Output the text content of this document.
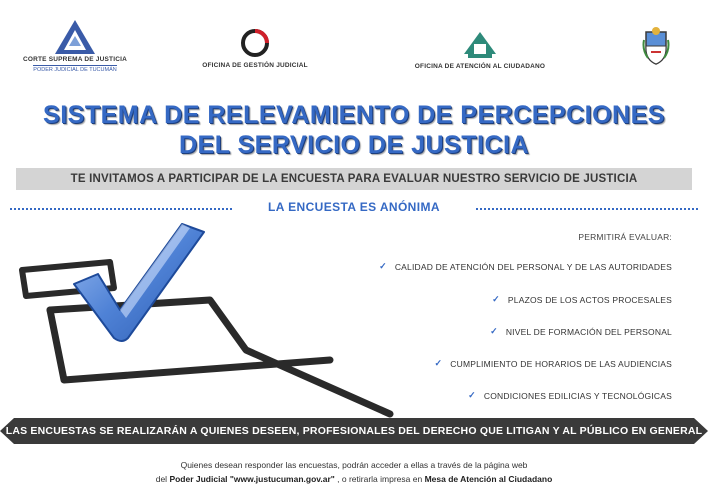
CORTE SUPREMA DE JUSTICIA
PODER JUDICIAL DE TUCUMÁN
OFICINA DE GESTIÓN JUDICIAL	OFICINA DE ATENCIÓN AL CIUDADANO
SISTEMA DE RELEVAMIENTO DE PERCEPCIONES
DEL SERVICIO DE JUSTICIA
TE INVITAMOS A PARTICIPAR DE LA ENCUESTA PARA EVALUAR NUESTRO SERVICIO DE JUSTICIA
LA ENCUESTA ES ANÓNIMA
PERMITIRÁ EVALUAR:
✓ CALIDAD DE ATENCIÓN DEL PERSONAL Y DE LAS AUTORIDADES
✓ PLAZOS DE LOS ACTOS PROCESALES
✓ NIVEL DE FORMACIÓN DEL PERSONAL
✓ CUMPLIMIENTO DE HORARIOS DE LAS AUDIENCIAS
✓ CONDICIONES EDILICIAS Y TECNOLÓGICAS
LAS ENCUESTAS SE REALIZARÁN A QUIENES DESEEN, PROFESIONALES DEL DERECHO QUE LITIGAN Y AL PÚBLICO EN GENERAL
Quienes desean responder las encuestas, podrán acceder a ellas a través de la página web
del Poder Judicial "www.justucuman.gov.ar" , o retirarla impresa en Mesa de Atención al Ciudadano
